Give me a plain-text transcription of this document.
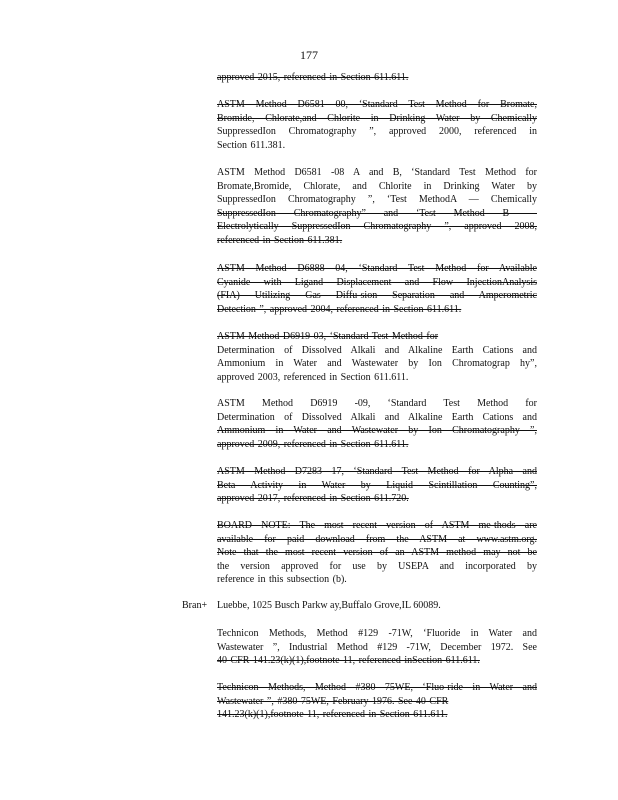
177
approved 2015, referenced in Section 611.611.
ASTM Method D6581 00, ‘Standard Test Method for Bromate,
Bromide, Chlorate,and Chlorite in Drinking Water by Chemically
SuppressedIon Chromatography ”, approved 2000, referenced in
Section 611.381.
ASTM Method D6581 -08 A and B, ‘Standard Test Method for
Bromate,Bromide, Chlorate, and Chlorite in Drinking Water by
SuppressedIon Chromatography ”, ‘Test MethodA — Chemically
SuppressedIon Chromatography” and ‘Test Method B —
Electrolytically SuppressedIon Chromatography ”, approved 2008,
referenced in Section 611.381.
ASTM Method D6888 04, ‘Standard Test Method for Available
Cyanide with Ligand Displacement and Flow InjectionAnalysis
(FIA) Utilizing Gas Diffu-sion Separation and Amperometric
Detection ”, approved 2004, referenced in Section 611.611.
ASTM Method D6919 03, ‘Standard Test Method for
Determination of Dissolved Alkali and Alkaline Earth Cations and
Ammonium in Water and Wastewater by Ion Chromatograp hy”,
approved 2003, referenced in Section 611.611.
ASTM Method D6919 -09, ‘Standard Test Method for
Determination of Dissolved Alkali and Alkaline Earth Cations and
Ammonium in Water and Wastewater by Ion Chromatography ”,
approved 2009, referenced in Section 611.611.
ASTM Method D7283 17, ‘Standard Test Method for Alpha and
Beta Activity in Water by Liquid Scintillation Counting”,
approved 2017, referenced in Section 611.720.
BOARD NOTE: The most recent version of ASTM me-thods are
available for paid download from the ASTM at www.astm.org.
Note that the most recent version of an ASTM method may not be
the version approved for use by USEPA and incorporated by
reference in this subsection (b).
Bran+ Luebbe, 1025 Busch Parkw ay,Buffalo Grove,IL 60089.
Technicon Methods, Method #129 -71W, ‘Fluoride in Water and
Wastewater ”, Industrial Method #129 -71W, December 1972. See
40 CFR 141.23(k)(1),footnote 11, referenced inSection 611.611.
Technicon Methods, Method #380 75WE, ‘Fluo-ride in Water and
Wastewater ”, #380 75WE, February 1976. See 40 CFR
141.23(k)(1),footnote 11, referenced in Section 611.611.
